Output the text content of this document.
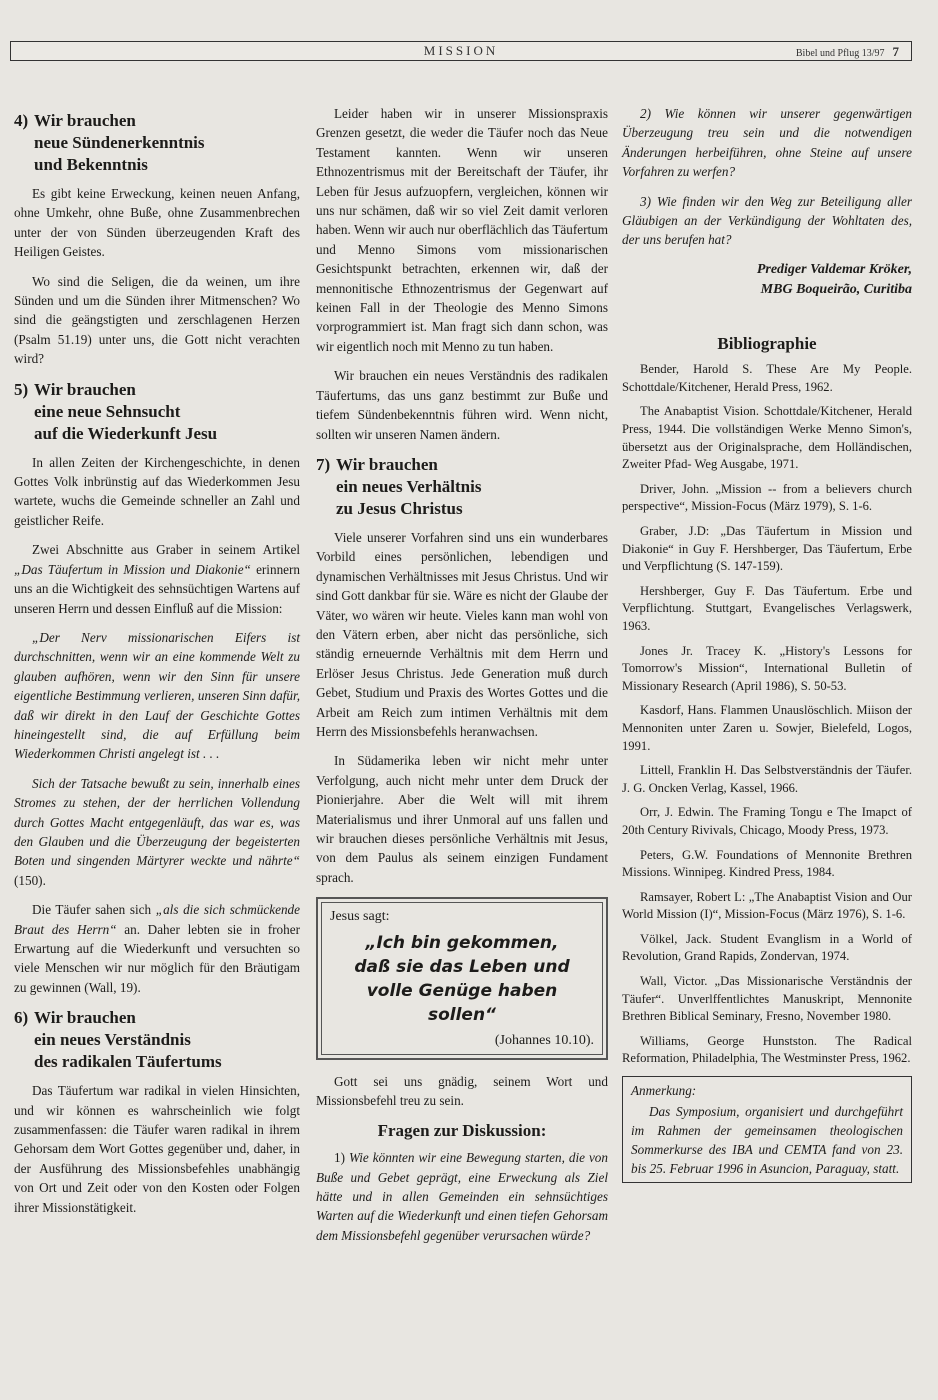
MISSION	Bibel und Pflug 13/97 7
4) Wir brauchen
neue Sündenerkenntnis
und Bekenntnis

Es gibt keine Erweckung, keinen neuen Anfang, ohne Umkehr, ohne Buße, ohne Zusammenbrechen unter der von Sünden überzeugenden Kraft des Heiligen Geistes.

Wo sind die Seligen, die da weinen, um ihre Sünden und um die Sünden ihrer Mitmenschen? Wo sind die geängstigten und zerschlagenen Herzen (Psalm 51.19) unter uns, die Gott nicht verachten wird?

5) Wir brauchen
eine neue Sehnsucht
auf die Wiederkunft Jesu

In allen Zeiten der Kirchengeschichte, in denen Gottes Volk inbrünstig auf das Wiederkommen Jesu wartete, wuchs die Gemeinde schneller an Zahl und geistlicher Reife.

Zwei Abschnitte aus Graber in seinem Artikel „Das Täufertum in Mission und Diakonie“ erinnern uns an die Wichtigkeit des sehnsüchtigen Wartens auf unseren Herrn und dessen Einfluß auf die Mission:

„Der Nerv missionarischen Eifers ist durchschnitten, wenn wir an eine kommende Welt zu glauben aufhören, wenn wir den Sinn für unsere eigentliche Bestimmung verlieren, unseren Sinn dafür, daß wir direkt in den Lauf der Geschichte Gottes hineingestellt sind, die auf Erfüllung beim Wiederkommen Christi angelegt ist . . .

Sich der Tatsache bewußt zu sein, innerhalb eines Stromes zu stehen, der der herrlichen Vollendung durch Gottes Macht entgegenläuft, das war es, was den Glauben und die Überzeugung der begeisterten Boten und singenden Märtyrer weckte und nährte“ (150).

Die Täufer sahen sich „als die sich schmückende Braut des Herrn“ an. Daher lebten sie in froher Erwartung auf die Wiederkunft und versuchten so viele Menschen wir nur möglich für den Bräutigam zu gewinnen (Wall, 19).

6) Wir brauchen
ein neues Verständnis
des radikalen Täufertums

Das Täufertum war radikal in vielen Hinsichten, und wir können es wahrscheinlich wie folgt zusammenfassen: die Täufer waren radikal in ihrem Gehorsam dem Wort Gottes gegenüber und, daher, in der Ausführung des Missionsbefehles unabhängig von Ort und Zeit oder von den Kosten oder Folgen ihrer Missionstätigkeit.

Leider haben wir in unserer Missionspraxis Grenzen gesetzt, die weder die Täufer noch das Neue Testament kannten. Wenn wir unseren Ethnozentrismus mit der Bereitschaft der Täufer, ihr Leben für Jesus aufzuopfern, vergleichen, können wir uns nur schämen, daß wir so viel Zeit damit verloren haben. Wenn wir auch nur oberflächlich das Täufertum und Menno Simons vom missionarischen Gesichtspunkt betrachten, erkennen wir, daß der mennonitische Ethnozentrismus der Gegenwart auf keinen Fall in der Theologie des Menno Simons vorprogrammiert ist. Man fragt sich dann schon, was wir eigentlich noch mit Menno zu tun haben.

Wir brauchen ein neues Verständnis des radikalen Täufertums, das uns ganz bestimmt zur Buße und tiefem Sündenbekenntnis führen wird. Wenn nicht, sollten wir unseren Namen ändern.

7) Wir brauchen
ein neues Verhältnis
zu Jesus Christus

Viele unserer Vorfahren sind uns ein wunderbares Vorbild eines persönlichen, lebendigen und dynamischen Verhältnisses mit Jesus Christus. Und wir sind Gott dankbar für sie. Wäre es nicht der Glaube der Väter, wo wären wir heute. Vieles kann man wohl von den Vätern erben, aber nicht das persönliche, sich ständig erneuernde Verhältnis mit dem Herrn und Erlöser Jesus Christus. Jede Generation muß durch Gebet, Studium und Praxis des Wortes Gottes und die Arbeit am Reich zum intimen Verhältnis mit dem Herrn des Missionsbefehls heranwachsen.

In Südamerika leben wir nicht mehr unter Verfolgung, auch nicht mehr unter dem Druck der Pionierjahre. Aber die Welt will mit ihrem Materialismus und ihrer Unmoral auf uns fallen und wir brauchen dieses persönliche Verhältnis mit Jesus, von dem Paulus als seinem einzigen Fundament sprach.

Jesus sagt:
„Ich bin gekommen,
daß sie das Leben und
volle Genüge haben sollen“
(Johannes 10.10).

Gott sei uns gnädig, seinem Wort und Missionsbefehl treu zu sein.

Fragen zur Diskussion:

1) Wie könnten wir eine Bewegung starten, die von Buße und Gebet geprägt, eine Erweckung als Ziel hätte und in allen Gemeinden ein sehnsüchtiges Warten auf die Wiederkunft und einen tiefen Gehorsam dem Missionsbefehl gegenüber verursachen würde?

2) Wie können wir unserer gegenwärtigen Überzeugung treu sein und die notwendigen Änderungen herbeiführen, ohne Steine auf unsere Vorfahren zu werfen?

3) Wie finden wir den Weg zur Beteiligung aller Gläubigen an der Verkündigung der Wohltaten des, der uns berufen hat?

Prediger Valdemar Kröker,
MBG Boqueirão, Curitiba
Bibliographie

Bender, Harold S. These Are My People. Schottdale/Kitchener, Herald Press, 1962.

The Anabaptist Vision. Schottdale/Kitchener, Herald Press, 1944. Die vollständigen Werke Menno Simon's, übersetzt aus der Originalsprache, dem Holländischen, Zweiter Pfad- Weg Ausgabe, 1971.

Driver, John. „Mission -- from a believers church perspective“, Mission-Focus (März 1979), S. 1-6.

Graber, J.D: „Das Täufertum in Mission und Diakonie“ in Guy F. Hershberger, Das Täufertum, Erbe und Verpflichtung (S. 147-159).

Hershberger, Guy F. Das Täufertum. Erbe und Verpflichtung. Stuttgart, Evangelisches Verlagswerk, 1963.

Jones Jr. Tracey K. „History's Lessons for Tomorrow's Mission“, International Bulletin of Missionary Research (April 1986), S. 50-53.

Kasdorf, Hans. Flammen Unauslöschlich. Miison der Mennoniten unter Zaren u. Sowjer, Bielefeld, Logos, 1991.

Littell, Franklin H. Das Selbstverständnis der Täufer. J. G. Oncken Verlag, Kassel, 1966.

Orr, J. Edwin. The Framing Tongu e The Imapct of 20th Century Rivivals, Chicago, Moody Press, 1973.

Peters, G.W. Foundations of Mennonite Brethren Missions. Winnipeg. Kindred Press, 1984.

Ramsayer, Robert L: „The Anabaptist Vision and Our World Mission (I)“, Mission-Focus (März 1976), S. 1-6.

Völkel, Jack. Student Evanglism in a World of Revolution, Grand Rapids, Zondervan, 1974.

Wall, Victor. „Das Missionarische Verständnis der Täufer“. Unverlffentlichtes Manuskript, Mennonite Brethren Biblical Seminary, Fresno, November 1980.

Williams, George Hunstston. The Radical Reformation, Philadelphia, The Westminster Press, 1962.

Anmerkung:
Das Symposium, organisiert und durchgeführt im Rahmen der gemeinsamen theologischen Sommerkurse des IBA und CEMTA fand von 23. bis 25. Februar 1996 in Asuncion, Paraguay, statt.
